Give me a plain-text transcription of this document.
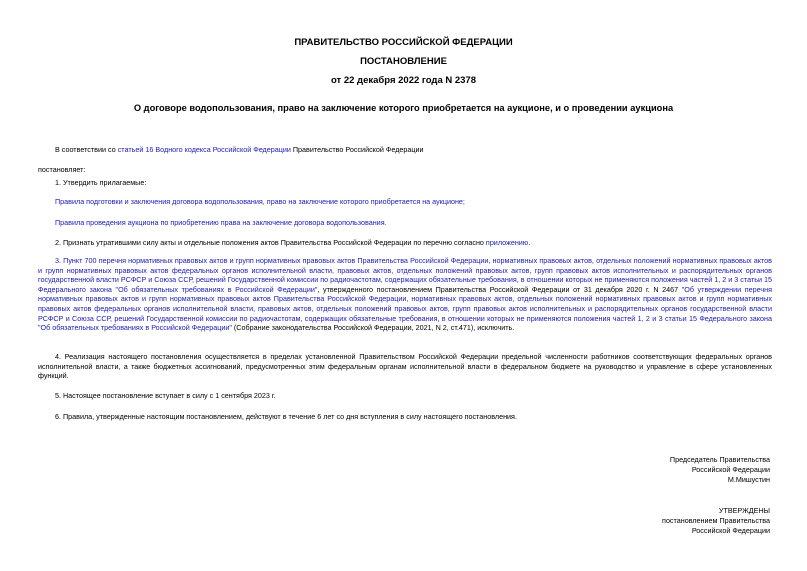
ПРАВИТЕЛЬСТВО РОССИЙСКОЙ ФЕДЕРАЦИИ
ПОСТАНОВЛЕНИЕ
от 22 декабря 2022 года N 2378
О договоре водопользования, право на заключение которого приобретается на аукционе, и о проведении аукциона
В соответствии со статьей 16 Водного кодекса Российской Федерации Правительство Российской Федерации
постановляет:
1. Утвердить прилагаемые:
Правила подготовки и заключения договора водопользования, право на заключение которого приобретается на аукционе;
Правила проведения аукциона по приобретению права на заключение договора водопользования.
2. Признать утратившими силу акты и отдельные положения актов Правительства Российской Федерации по перечню согласно приложению.
3. Пункт 700 перечня нормативных правовых актов и групп нормативных правовых актов Правительства Российской Федерации, нормативных правовых актов, отдельных положений нормативных правовых актов и групп нормативных правовых актов федеральных органов исполнительной власти, правовых актов, отдельных положений правовых актов, групп правовых актов исполнительных и распорядительных органов государственной власти РСФСР и Союза ССР, решений Государственной комиссии по радиочастотам, содержащих обязательные требования, в отношении которых не применяются положения частей 1, 2 и 3 статьи 15 Федерального закона "Об обязательных требованиях в Российской Федерации", утвержденного постановлением Правительства Российской Федерации от 31 декабря 2020 г. N 2467 "Об утверждении перечня нормативных правовых актов и групп нормативных правовых актов Правительства Российской Федерации, нормативных правовых актов, отдельных положений нормативных правовых актов и групп нормативных правовых актов федеральных органов исполнительной власти, правовых актов, отдельных положений правовых актов, групп правовых актов исполнительных и распорядительных органов государственной власти РСФСР и Союза ССР, решений Государственной комиссии по радиочастотам, содержащих обязательные требования, в отношении которых не применяются положения частей 1, 2 и 3 статьи 15 Федерального закона "Об обязательных требованиях в Российской Федерации" (Собрание законодательства Российской Федерации, 2021, N 2, ст.471), исключить.
4. Реализация настоящего постановления осуществляется в пределах установленной Правительством Российской Федерации предельной численности работников соответствующих федеральных органов исполнительной власти, а также бюджетных ассигнований, предусмотренных этим федеральным органам исполнительной власти в федеральном бюджете на руководство и управление в сфере установленных функций.
5. Настоящее постановление вступает в силу с 1 сентября 2023 г.
6. Правила, утвержденные настоящим постановлением, действуют в течение 6 лет со дня вступления в силу настоящего постановления.
Председатель Правительства
Российской Федерации
М.Мишустин
УТВЕРЖДЕНЫ
постановлением Правительства
Российской Федерации
